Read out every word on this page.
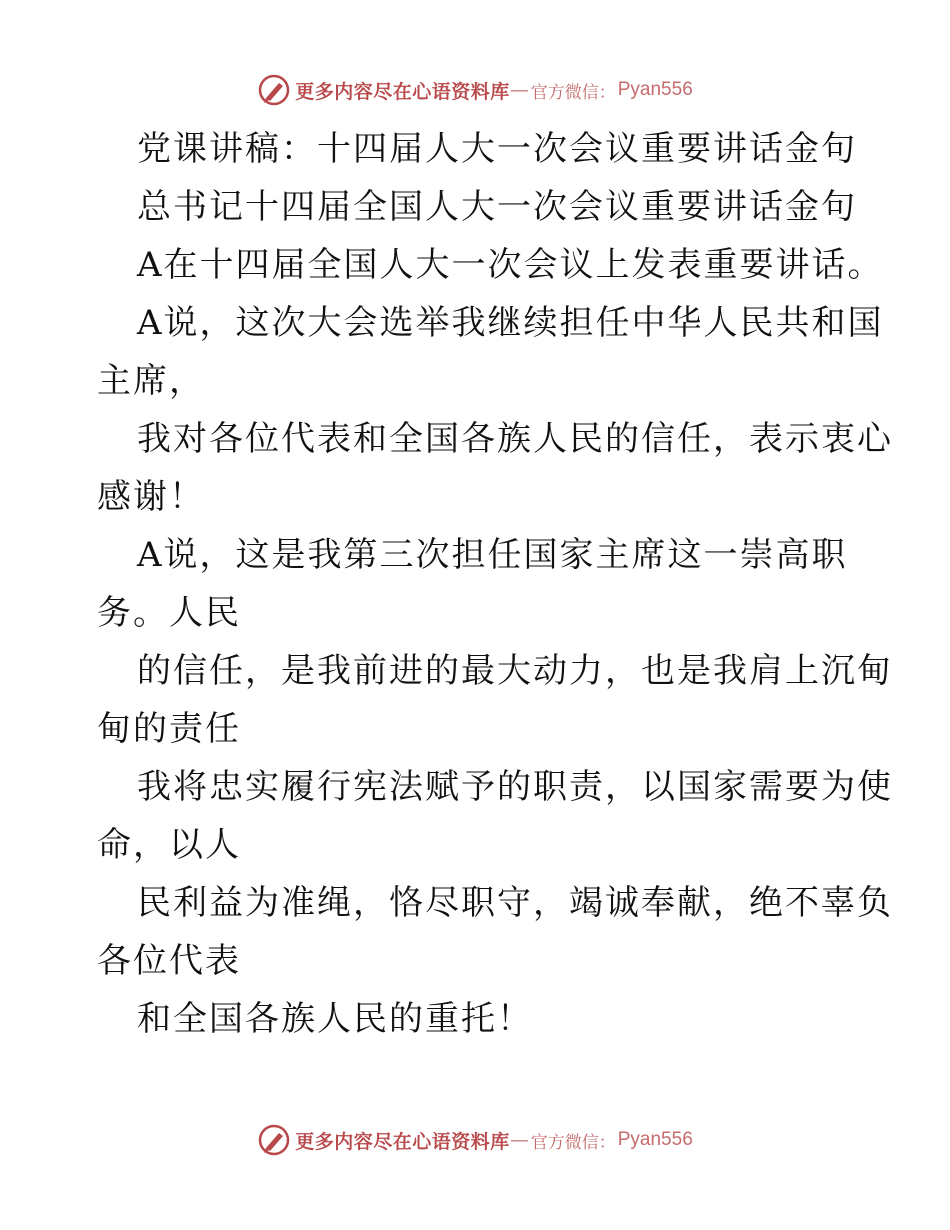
更多内容尽在心语资料库 — 官方微信： Pyan556
党课讲稿：十四届人大一次会议重要讲话金句
总书记十四届全国人大一次会议重要讲话金句
A在十四届全国人大一次会议上发表重要讲话。
A说，这次大会选举我继续担任中华人民共和国
主席，
我对各位代表和全国各族人民的信任，表示衷心
感谢！
A说，这是我第三次担任国家主席这一崇高职
务。人民
的信任，是我前进的最大动力，也是我肩上沉甸
甸的责任
我将忠实履行宪法赋予的职责，以国家需要为使
命，以人
民利益为准绳，恪尽职守，竭诚奉献，绝不辜负
各位代表
和全国各族人民的重托！
更多内容尽在心语资料库 — 官方微信： Pyan556
